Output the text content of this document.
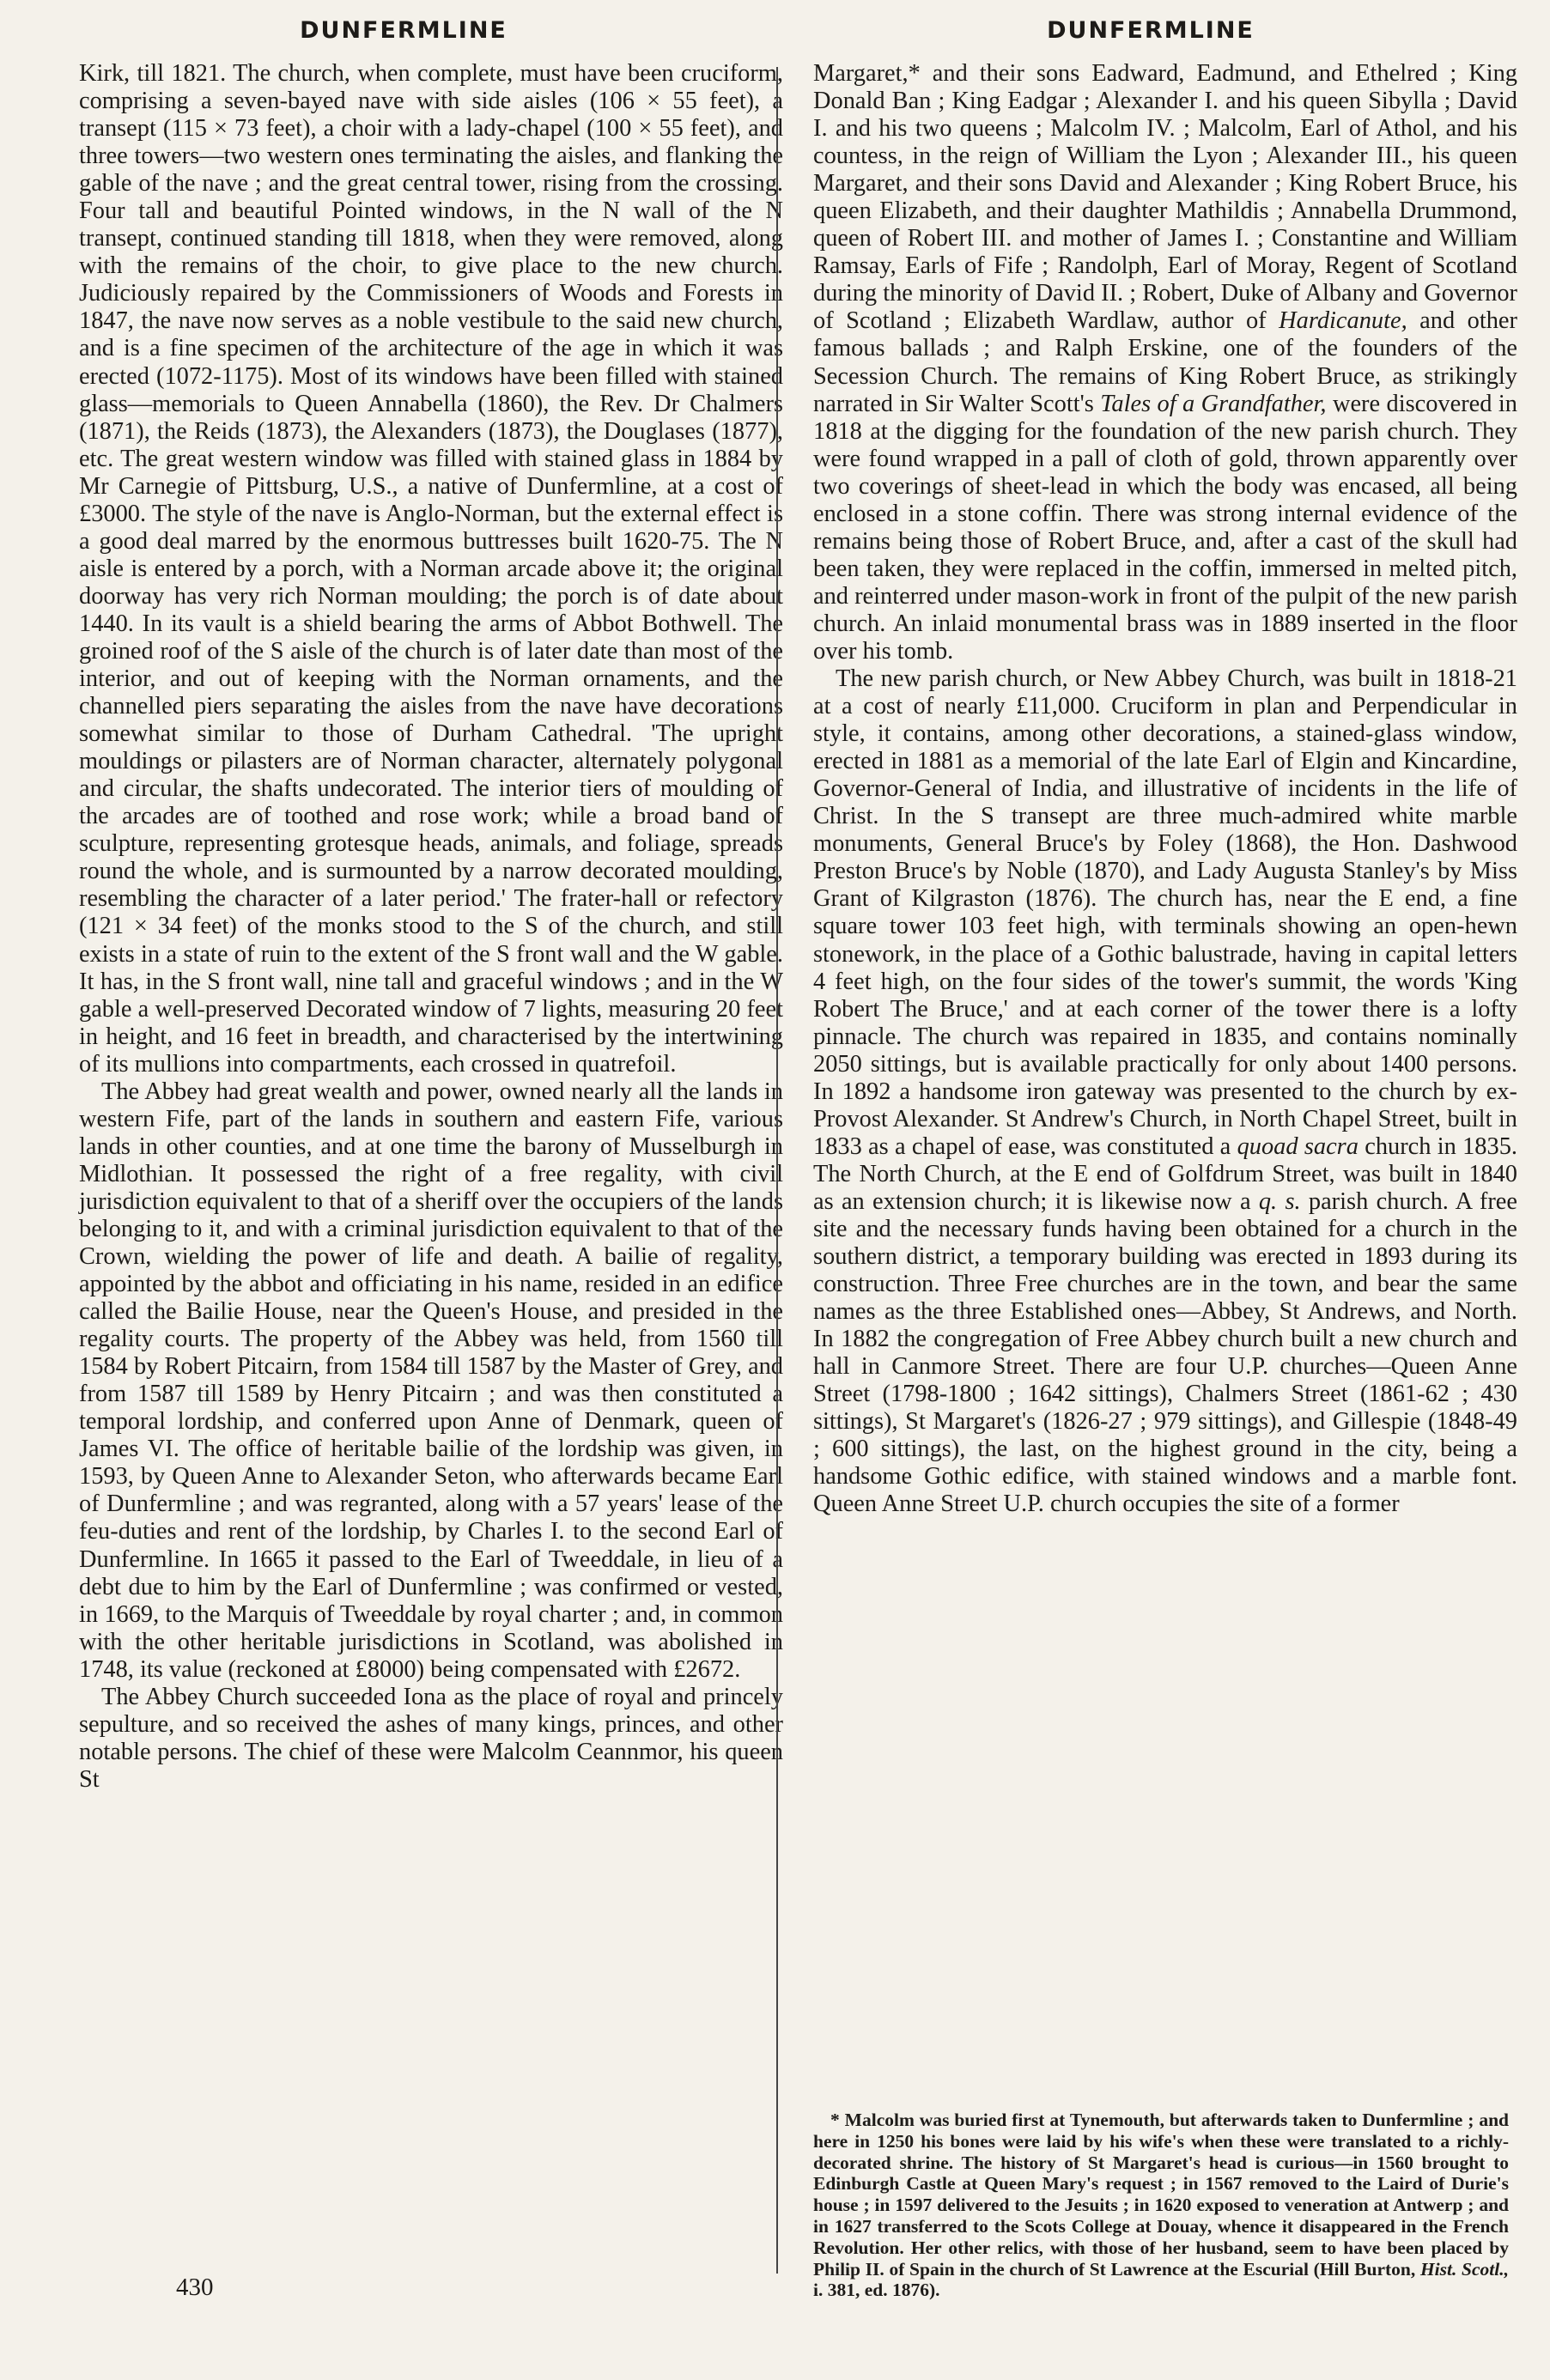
DUNFERMLINE	DUNFERMLINE

Kirk, till 1821. The church, when complete, must have been cruciform, comprising a seven-bayed nave with side aisles (106 × 55 feet), a transept (115 × 73 feet), a choir with a lady-chapel (100 × 55 feet), and three towers—two western ones terminating the aisles, and flanking the gable of the nave ; and the great central tower, rising from the crossing. Four tall and beautiful Pointed windows, in the N wall of the N transept, continued standing till 1818, when they were removed, along with the remains of the choir, to give place to the new church. Judiciously repaired by the Commissioners of Woods and Forests in 1847, the nave now serves as a noble vestibule to the said new church, and is a fine specimen of the architecture of the age in which it was erected (1072-1175). Most of its windows have been filled with stained glass—memorials to Queen Annabella (1860), the Rev. Dr Chalmers (1871), the Reids (1873), the Alexanders (1873), the Douglases (1877), etc. The great western window was filled with stained glass in 1884 by Mr Carnegie of Pittsburg, U.S., a native of Dunfermline, at a cost of £3000. The style of the nave is Anglo-Norman, but the external effect is a good deal marred by the enormous buttresses built 1620-75. The N aisle is entered by a porch, with a Norman arcade above it; the original doorway has very rich Norman moulding; the porch is of date about 1440. In its vault is a shield bearing the arms of Abbot Bothwell. The groined roof of the S aisle of the church is of later date than most of the interior, and out of keeping with the Norman ornaments, and the channelled piers separating the aisles from the nave have decorations somewhat similar to those of Durham Cathedral. 'The upright mouldings or pilasters are of Norman character, alternately polygonal and circular, the shafts undecorated. The interior tiers of moulding of the arcades are of toothed and rose work; while a broad band of sculpture, representing grotesque heads, animals, and foliage, spreads round the whole, and is surmounted by a narrow decorated moulding, resembling the character of a later period.' The frater-hall or refectory (121 × 34 feet) of the monks stood to the S of the church, and still exists in a state of ruin to the extent of the S front wall and the W gable. It has, in the S front wall, nine tall and graceful windows ; and in the W gable a well-preserved Decorated window of 7 lights, measuring 20 feet in height, and 16 feet in breadth, and characterised by the intertwining of its mullions into compartments, each crossed in quatrefoil.

The Abbey had great wealth and power, owned nearly all the lands in western Fife, part of the lands in southern and eastern Fife, various lands in other counties, and at one time the barony of Musselburgh in Midlothian. It possessed the right of a free regality, with civil jurisdiction equivalent to that of a sheriff over the occupiers of the lands belonging to it, and with a criminal jurisdiction equivalent to that of the Crown, wielding the power of life and death. A bailie of regality, appointed by the abbot and officiating in his name, resided in an edifice called the Bailie House, near the Queen's House, and presided in the regality courts. The property of the Abbey was held, from 1560 till 1584 by Robert Pitcairn, from 1584 till 1587 by the Master of Grey, and from 1587 till 1589 by Henry Pitcairn ; and was then constituted a temporal lordship, and conferred upon Anne of Denmark, queen of James VI. The office of heritable bailie of the lordship was given, in 1593, by Queen Anne to Alexander Seton, who afterwards became Earl of Dunfermline ; and was regranted, along with a 57 years' lease of the feu-duties and rent of the lordship, by Charles I. to the second Earl of Dunfermline. In 1665 it passed to the Earl of Tweeddale, in lieu of a debt due to him by the Earl of Dunfermline ; was confirmed or vested, in 1669, to the Marquis of Tweeddale by royal charter ; and, in common with the other heritable jurisdictions in Scotland, was abolished in 1748, its value (reckoned at £8000) being compensated with £2672.

The Abbey Church succeeded Iona as the place of royal and princely sepulture, and so received the ashes of many kings, princes, and other notable persons. The chief of these were Malcolm Ceannmor, his queen St

Margaret,* and their sons Eadward, Eadmund, and Ethelred ; King Donald Ban ; King Eadgar ; Alexander I. and his queen Sibylla ; David I. and his two queens ; Malcolm IV. ; Malcolm, Earl of Athol, and his countess, in the reign of William the Lyon ; Alexander III., his queen Margaret, and their sons David and Alexander ; King Robert Bruce, his queen Elizabeth, and their daughter Mathildis ; Annabella Drummond, queen of Robert III. and mother of James I. ; Constantine and William Ramsay, Earls of Fife ; Randolph, Earl of Moray, Regent of Scotland during the minority of David II. ; Robert, Duke of Albany and Governor of Scotland ; Elizabeth Wardlaw, author of Hardicanute, and other famous ballads ; and Ralph Erskine, one of the founders of the Secession Church. The remains of King Robert Bruce, as strikingly narrated in Sir Walter Scott's Tales of a Grandfather, were discovered in 1818 at the digging for the foundation of the new parish church. They were found wrapped in a pall of cloth of gold, thrown apparently over two coverings of sheet-lead in which the body was encased, all being enclosed in a stone coffin. There was strong internal evidence of the remains being those of Robert Bruce, and, after a cast of the skull had been taken, they were replaced in the coffin, immersed in melted pitch, and reinterred under mason-work in front of the pulpit of the new parish church. An inlaid monumental brass was in 1889 inserted in the floor over his tomb.

The new parish church, or New Abbey Church, was built in 1818-21 at a cost of nearly £11,000. Cruciform in plan and Perpendicular in style, it contains, among other decorations, a stained-glass window, erected in 1881 as a memorial of the late Earl of Elgin and Kincardine, Governor-General of India, and illustrative of incidents in the life of Christ. In the S transept are three much-admired white marble monuments, General Bruce's by Foley (1868), the Hon. Dashwood Preston Bruce's by Noble (1870), and Lady Augusta Stanley's by Miss Grant of Kilgraston (1876). The church has, near the E end, a fine square tower 103 feet high, with terminals showing an open-hewn stonework, in the place of a Gothic balustrade, having in capital letters 4 feet high, on the four sides of the tower's summit, the words 'King Robert The Bruce,' and at each corner of the tower there is a lofty pinnacle. The church was repaired in 1835, and contains nominally 2050 sittings, but is available practically for only about 1400 persons. In 1892 a handsome iron gateway was presented to the church by ex-Provost Alexander. St Andrew's Church, in North Chapel Street, built in 1833 as a chapel of ease, was constituted a quoad sacra church in 1835. The North Church, at the E end of Golfdrum Street, was built in 1840 as an extension church; it is likewise now a q. s. parish church. A free site and the necessary funds having been obtained for a church in the southern district, a temporary building was erected in 1893 during its construction. Three Free churches are in the town, and bear the same names as the three Established ones—Abbey, St Andrews, and North. In 1882 the congregation of Free Abbey church built a new church and hall in Canmore Street. There are four U.P. churches—Queen Anne Street (1798-1800 ; 1642 sittings), Chalmers Street (1861-62 ; 430 sittings), St Margaret's (1826-27 ; 979 sittings), and Gillespie (1848-49 ; 600 sittings), the last, on the highest ground in the city, being a handsome Gothic edifice, with stained windows and a marble font. Queen Anne Street U.P. church occupies the site of a former

* Malcolm was buried first at Tynemouth, but afterwards taken to Dunfermline ; and here in 1250 his bones were laid by his wife's when these were translated to a richly-decorated shrine. The history of St Margaret's head is curious—in 1560 brought to Edinburgh Castle at Queen Mary's request ; in 1567 removed to the Laird of Durie's house ; in 1597 delivered to the Jesuits ; in 1620 exposed to veneration at Antwerp ; and in 1627 transferred to the Scots College at Douay, whence it disappeared in the French Revolution. Her other relics, with those of her husband, seem to have been placed by Philip II. of Spain in the church of St Lawrence at the Escurial (Hill Burton, Hist. Scotl., i. 381, ed. 1876).

430
